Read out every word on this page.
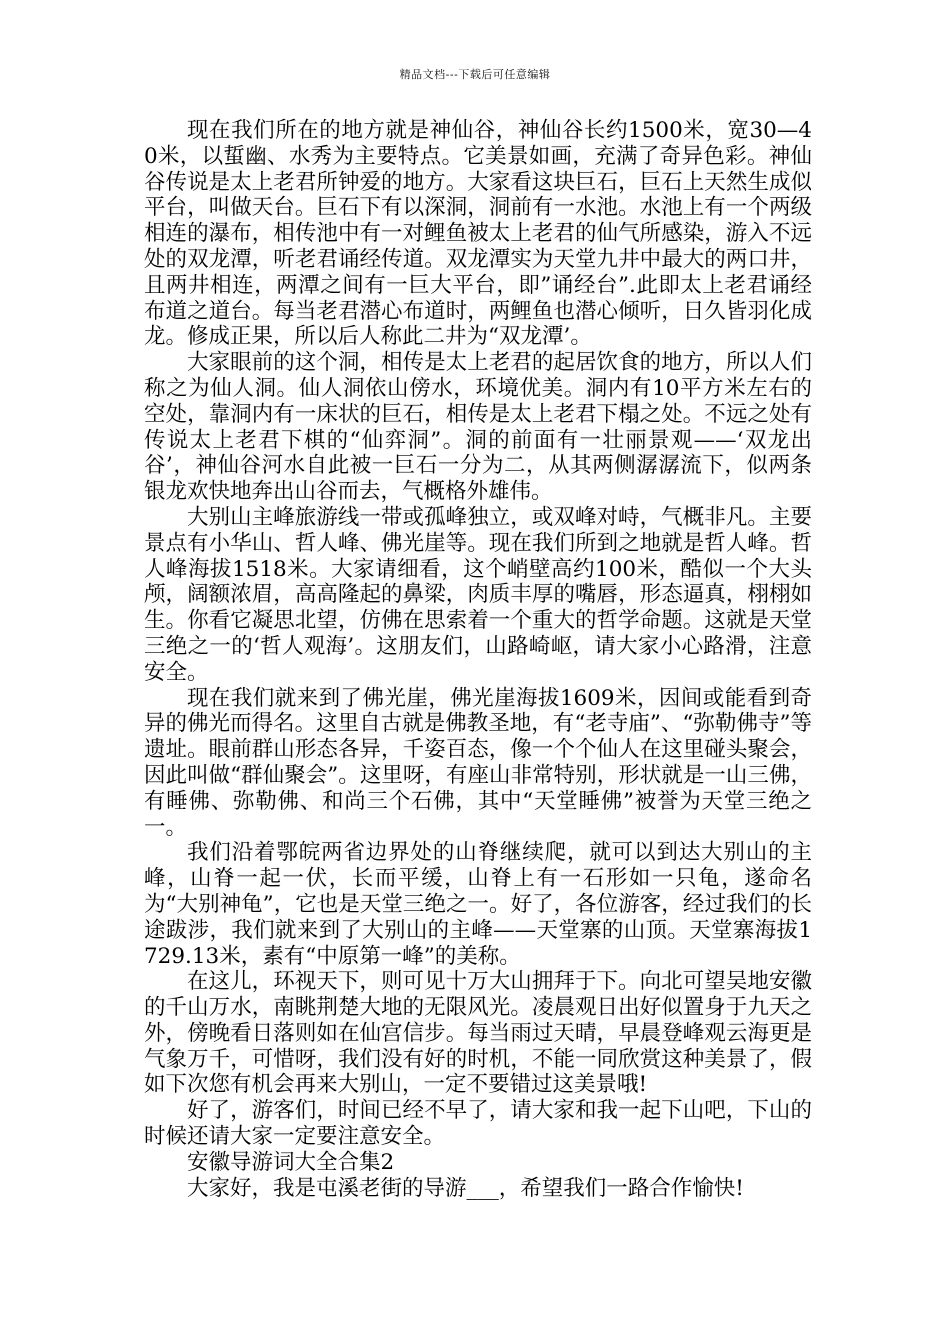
精品文档---下载后可任意编辑

现在我们所在的地方就是神仙谷，神仙谷长约1500米，宽30—40米，以蜇幽、水秀为主要特点。它美景如画，充满了奇异色彩。神仙谷传说是太上老君所钟爱的地方。大家看这块巨石，巨石上天然生成似平台，叫做天台。巨石下有以深洞，洞前有一水池。水池上有一个两级相连的瀑布，相传池中有一对鲤鱼被太上老君的仙气所感染，游入不远处的双龙潭，听老君诵经传道。双龙潭实为天堂九井中最大的两口井，且两井相连，两潭之间有一巨大平台，即”诵经台”.此即太上老君诵经布道之道台。每当老君潜心布道时，两鲤鱼也潜心倾听，日久皆羽化成龙。修成正果，所以后人称此二井为“双龙潭’。

大家眼前的这个洞，相传是太上老君的起居饮食的地方，所以人们称之为仙人洞。仙人洞依山傍水，环境优美。洞内有10平方米左右的空处，靠洞内有一床状的巨石，相传是太上老君下榻之处。不远之处有传说太上老君下棋的“仙弈洞”。洞的前面有一壮丽景观——‘双龙出谷’，神仙谷河水自此被一巨石一分为二，从其两侧潺潺流下，似两条银龙欢快地奔出山谷而去，气概格外雄伟。

大别山主峰旅游线一带或孤峰独立，或双峰对峙，气概非凡。主要景点有小华山、哲人峰、佛光崖等。现在我们所到之地就是哲人峰。哲人峰海拔1518米。大家请细看，这个峭壁高约100米，酷似一个大头颅，阔额浓眉，高高隆起的鼻梁，肉质丰厚的嘴唇，形态逼真，栩栩如生。你看它凝思北望，仿佛在思索着一个重大的哲学命题。这就是天堂三绝之一的‘哲人观海’。这朋友们，山路崎岖，请大家小心路滑，注意安全。

现在我们就来到了佛光崖，佛光崖海拔1609米，因间或能看到奇异的佛光而得名。这里自古就是佛教圣地，有“老寺庙”、“弥勒佛寺”等遗址。眼前群山形态各异，千姿百态，像一个个仙人在这里碰头聚会，因此叫做“群仙聚会”。这里呀，有座山非常特别，形状就是一山三佛，有睡佛、弥勒佛、和尚三个石佛，其中“天堂睡佛”被誉为天堂三绝之一。

我们沿着鄂皖两省边界处的山脊继续爬，就可以到达大别山的主峰，山脊一起一伏，长而平缓，山脊上有一石形如一只龟，遂命名为“大别神龟”，它也是天堂三绝之一。好了，各位游客，经过我们的长途跋涉，我们就来到了大别山的主峰——天堂寨的山顶。天堂寨海拔1729.13米，素有“中原第一峰”的美称。

在这儿，环视天下，则可见十万大山拥拜于下。向北可望吴地安徽的千山万水，南眺荆楚大地的无限风光。凌晨观日出好似置身于九天之外，傍晚看日落则如在仙宫信步。每当雨过天晴，早晨登峰观云海更是气象万千，可惜呀，我们没有好的时机，不能一同欣赏这种美景了，假如下次您有机会再来大别山，一定不要错过这美景哦!

好了，游客们，时间已经不早了，请大家和我一起下山吧，下山的时候还请大家一定要注意安全。

安徽导游词大全合集2

大家好，我是屯溪老街的导游___，希望我们一路合作愉快!
